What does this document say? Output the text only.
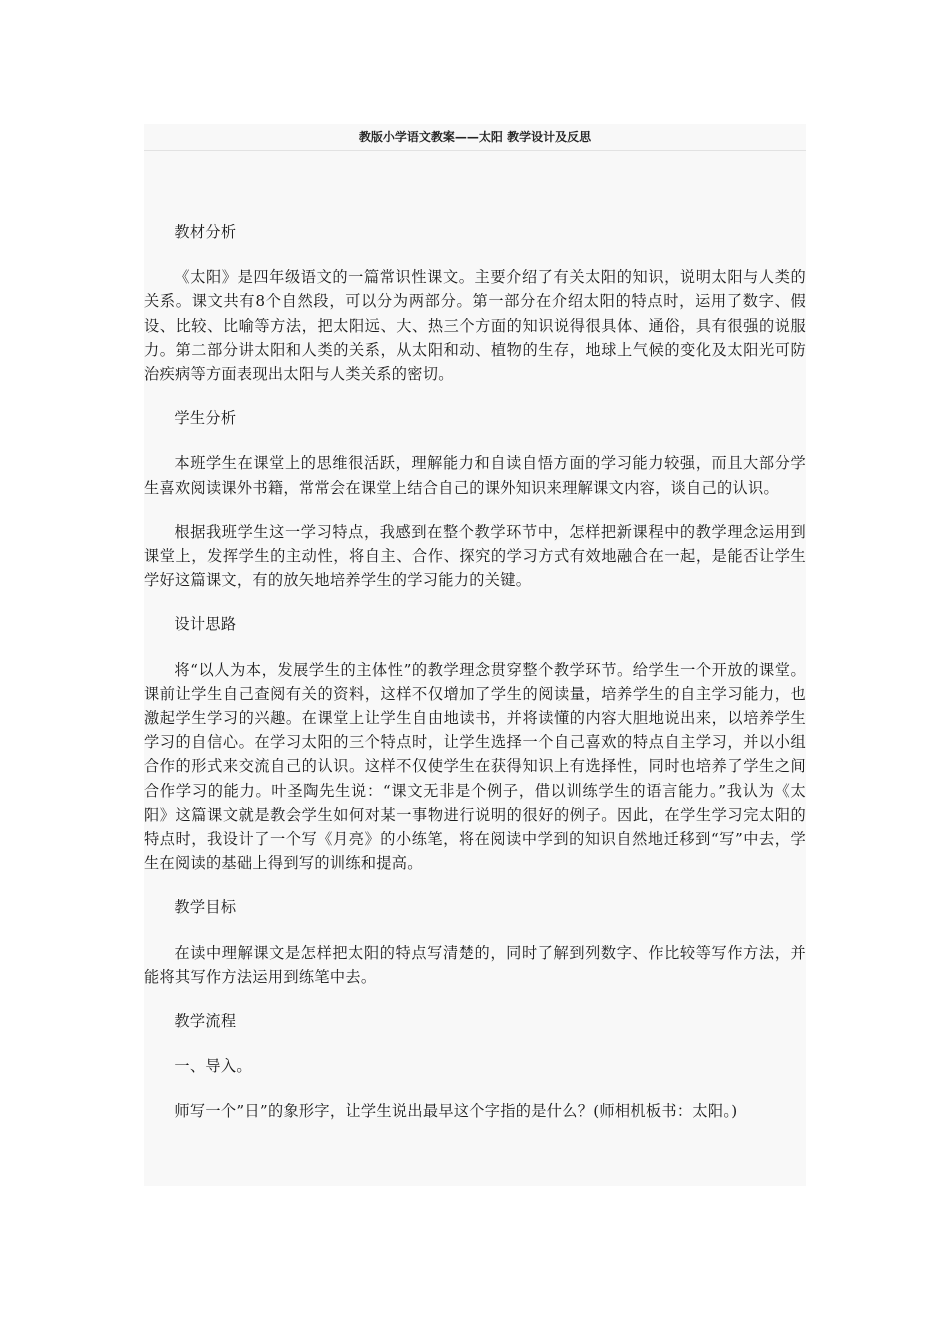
教版小学语文教案——太阳 教学设计及反思

教材分析

《太阳》是四年级语文的一篇常识性课文。主要介绍了有关太阳的知识，说明太阳与人类的关系。课文共有8个自然段，可以分为两部分。第一部分在介绍太阳的特点时，运用了数字、假设、比较、比喻等方法，把太阳远、大、热三个方面的知识说得很具体、通俗，具有很强的说服力。第二部分讲太阳和人类的关系，从太阳和动、植物的生存，地球上气候的变化及太阳光可防治疾病等方面表现出太阳与人类关系的密切。

学生分析

本班学生在课堂上的思维很活跃，理解能力和自读自悟方面的学习能力较强，而且大部分学生喜欢阅读课外书籍，常常会在课堂上结合自己的课外知识来理解课文内容，谈自己的认识。

根据我班学生这一学习特点，我感到在整个教学环节中，怎样把新课程中的教学理念运用到课堂上，发挥学生的主动性，将自主、合作、探究的学习方式有效地融合在一起，是能否让学生学好这篇课文，有的放矢地培养学生的学习能力的关键。

设计思路

将“以人为本，发展学生的主体性”的教学理念贯穿整个教学环节。给学生一个开放的课堂。课前让学生自己查阅有关的资料，这样不仅增加了学生的阅读量，培养学生的自主学习能力，也激起学生学习的兴趣。在课堂上让学生自由地读书，并将读懂的内容大胆地说出来，以培养学生学习的自信心。在学习太阳的三个特点时，让学生选择一个自己喜欢的特点自主学习，并以小组合作的形式来交流自己的认识。这样不仅使学生在获得知识上有选择性，同时也培养了学生之间合作学习的能力。叶圣陶先生说：“课文无非是个例子，借以训练学生的语言能力。”我认为《太阳》这篇课文就是教会学生如何对某一事物进行说明的很好的例子。因此，在学生学习完太阳的特点时，我设计了一个写《月亮》的小练笔，将在阅读中学到的知识自然地迁移到“写”中去，学生在阅读的基础上得到写的训练和提高。

教学目标

在读中理解课文是怎样把太阳的特点写清楚的，同时了解到列数字、作比较等写作方法，并能将其写作方法运用到练笔中去。

教学流程

一、导入。

师写一个”日”的象形字，让学生说出最早这个字指的是什么？(师相机板书：太阳。)
